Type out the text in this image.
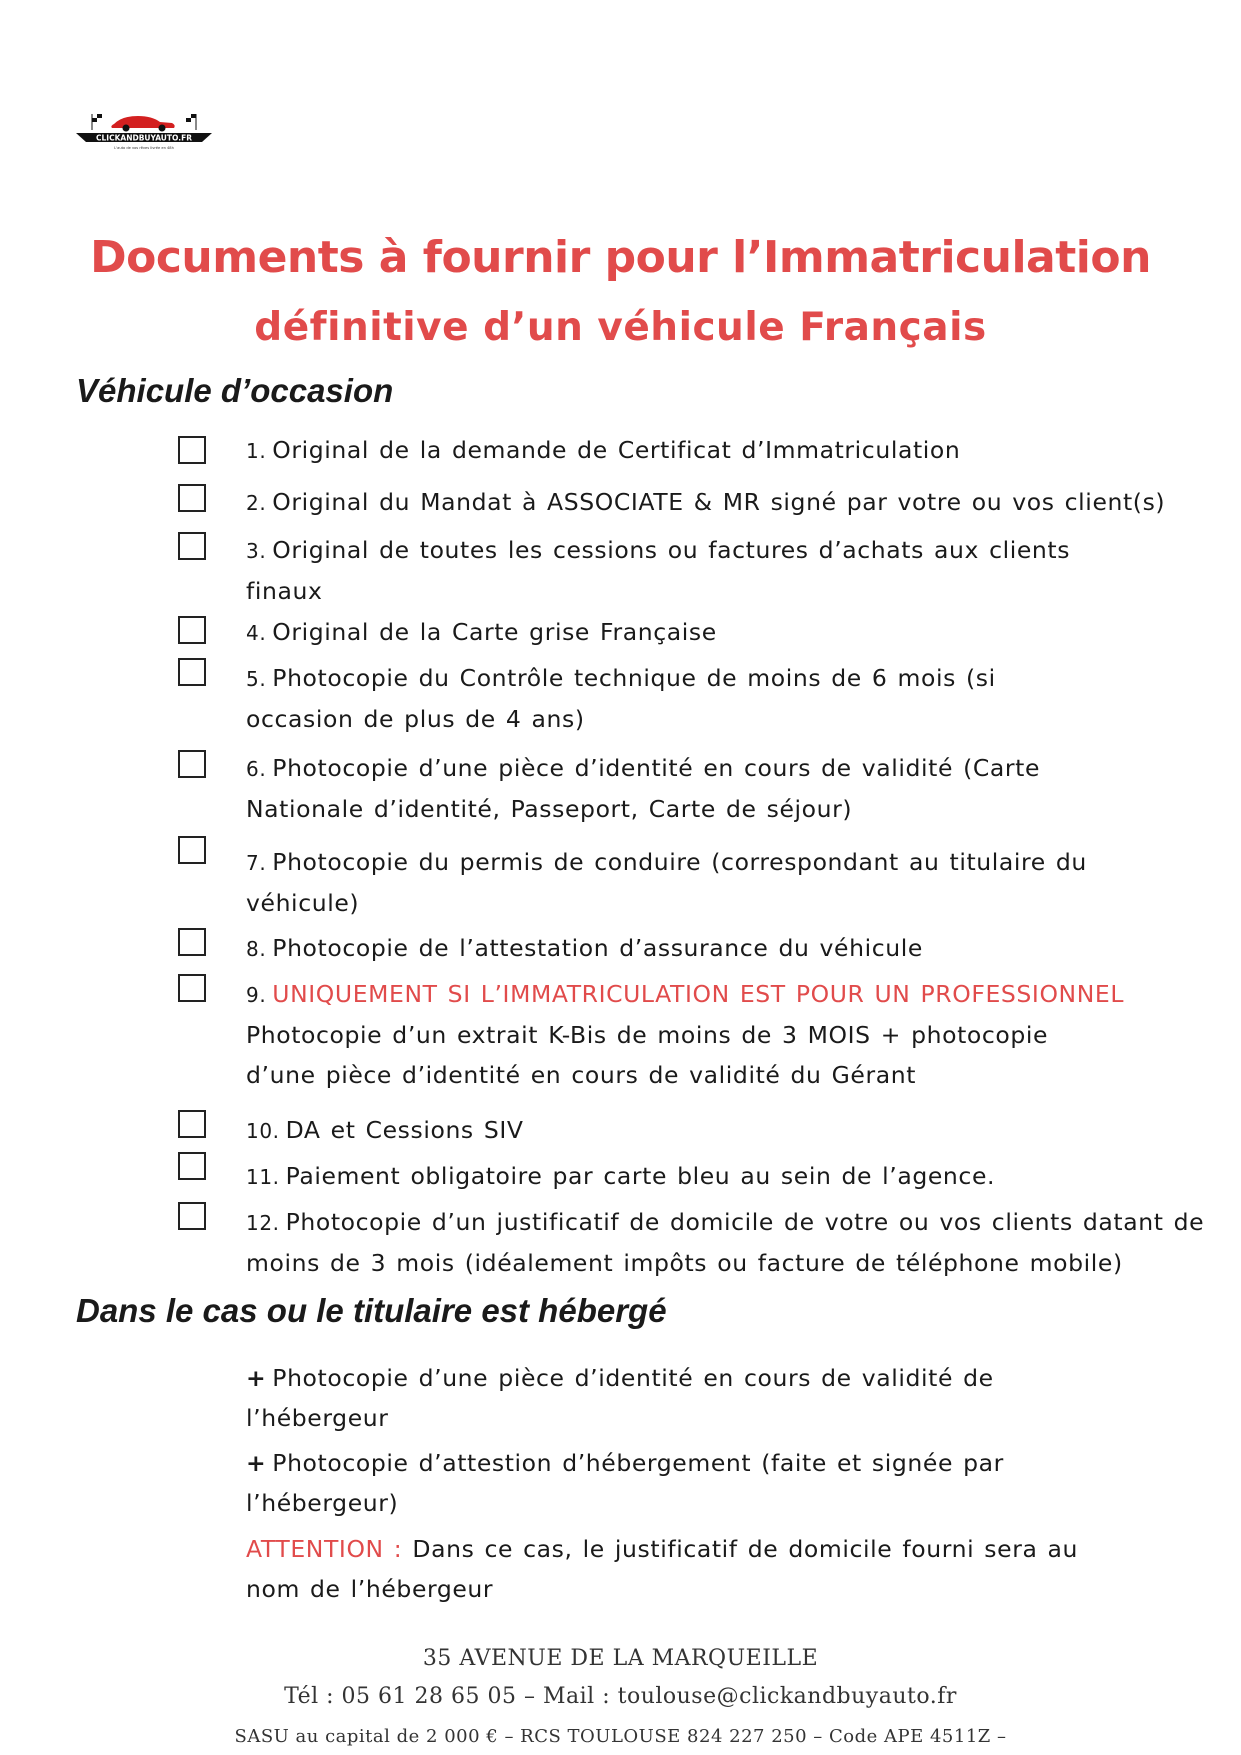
CLICKANDBUYAUTO.FR
L'auto de vos rêves livrée en 48h
Documents à fournir pour l’Immatriculation
définitive d’un véhicule Français
Véhicule d’occasion
1. Original de la demande de Certificat d’Immatriculation
2. Original du Mandat à ASSOCIATE & MR signé par votre ou vos client(s)
3. Original de toutes les cessions ou factures d’achats aux clients finaux
4. Original de la Carte grise Française
5. Photocopie du Contrôle technique de moins de 6 mois (si occasion de plus de 4 ans)
6. Photocopie d’une pièce d’identité en cours de validité (Carte Nationale d’identité, Passeport, Carte de séjour)
7. Photocopie du permis de conduire (correspondant au titulaire du véhicule)
8. Photocopie de l’attestation d’assurance du véhicule
9. UNIQUEMENT SI L’IMMATRICULATION EST POUR UN PROFESSIONNEL
Photocopie d’un extrait K-Bis de moins de 3 MOIS + photocopie d’une pièce d’identité en cours de validité du Gérant
10. DA et Cessions SIV
11. Paiement obligatoire par carte bleu au sein de l’agence.
12. Photocopie d’un justificatif de domicile de votre ou vos clients datant de moins de 3 mois (idéalement impôts ou facture de téléphone mobile)
Dans le cas ou le titulaire est hébergé
+ Photocopie d’une pièce d’identité en cours de validité de l’hébergeur
+ Photocopie d’attestion d’hébergement (faite et signée par l’hébergeur)
ATTENTION : Dans ce cas, le justificatif de domicile fourni sera au nom de l’hébergeur
35 AVENUE DE LA MARQUEILLE
Tél : 05 61 28 65 05 – Mail : toulouse@clickandbuyauto.fr
SASU au capital de 2 000 € – RCS TOULOUSE 824 227 250 – Code APE 4511Z –
